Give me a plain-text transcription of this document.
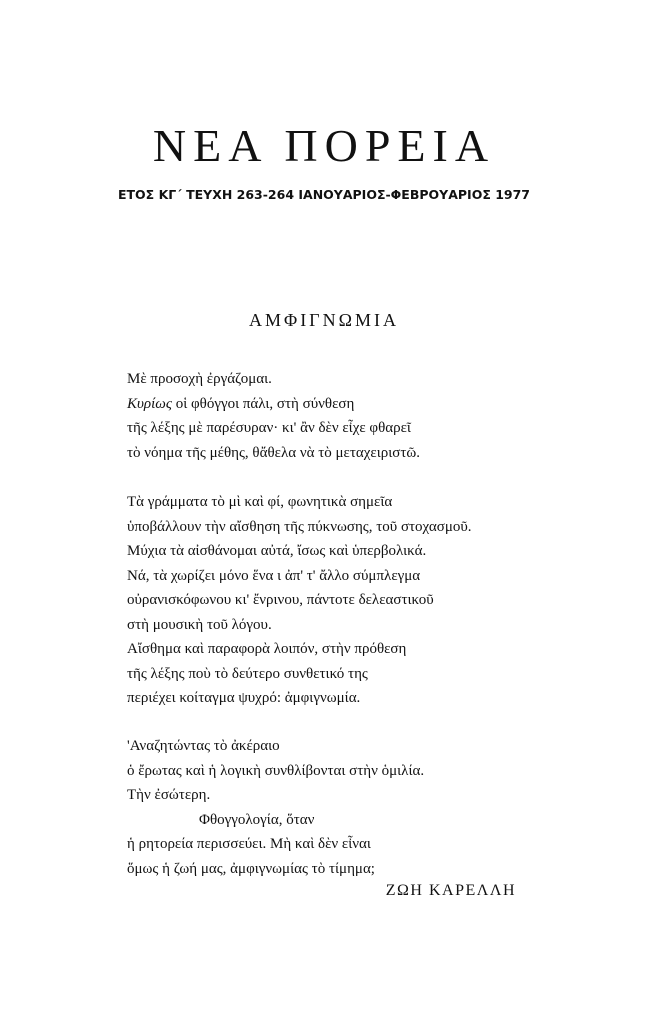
ΝΕΑ ΠΟΡΕΙΑ
ΕΤΟΣ ΚΓ΄ ΤΕΥΧΗ 263-264 ΙΑΝΟΥΑΡΙΟΣ-ΦΕΒΡΟΥΑΡΙΟΣ 1977
ΑΜΦΙΓΝΩΜΙΑ
Μὲ προσοχὴ ἐργάζομαι.
Κυρίως οἱ φθόγγοι πάλι, στὴ σύνθεση
τῆς λέξης μὲ παρέσυραν· κι' ἂν δὲν εἶχε φθαρεῖ
τὸ νόημα τῆς μέθης, θἄθελα νὰ τὸ μεταχειριστῶ.
Τὰ γράμματα τὸ μὶ καὶ φί, φωνητικὰ σημεῖα
ὑποβάλλουν τὴν αἴσθηση τῆς πύκνωσης, τοῦ στοχασμοῦ.
Μύχια τὰ αἰσθάνομαι αὐτά, ἴσως καὶ ὑπερβολικά.
Νά, τὰ χωρίζει μόνο ἕνα ι ἀπ' τ' ἄλλο σύμπλεγμα
οὐρανισκόφωνου κι' ἔνρινου, πάντοτε δελεαστικοῦ
στὴ μουσικὴ τοῦ λόγου.
Αἴσθημα καὶ παραφορὰ λοιπόν, στὴν πρόθεση
τῆς λέξης ποὺ τὸ δεύτερο συνθετικό της
περιέχει κοίταγμα ψυχρό: ἀμφιγνωμία.
'Αναζητώντας τὸ ἀκέραιο
ὁ ἔρωτας καὶ ἡ λογικὴ συνθλίβονται στὴν ὁμιλία.
Τὴν ἐσώτερη.
Φθογγολογία, ὅταν
ἡ ρητορεία περισσεύει. Μὴ καὶ δὲν εἶναι
ὅμως ἡ ζωή μας, ἀμφιγνωμίας τὸ τίμημα;
ΖΩΗ ΚΑΡΕΛΛΗ
